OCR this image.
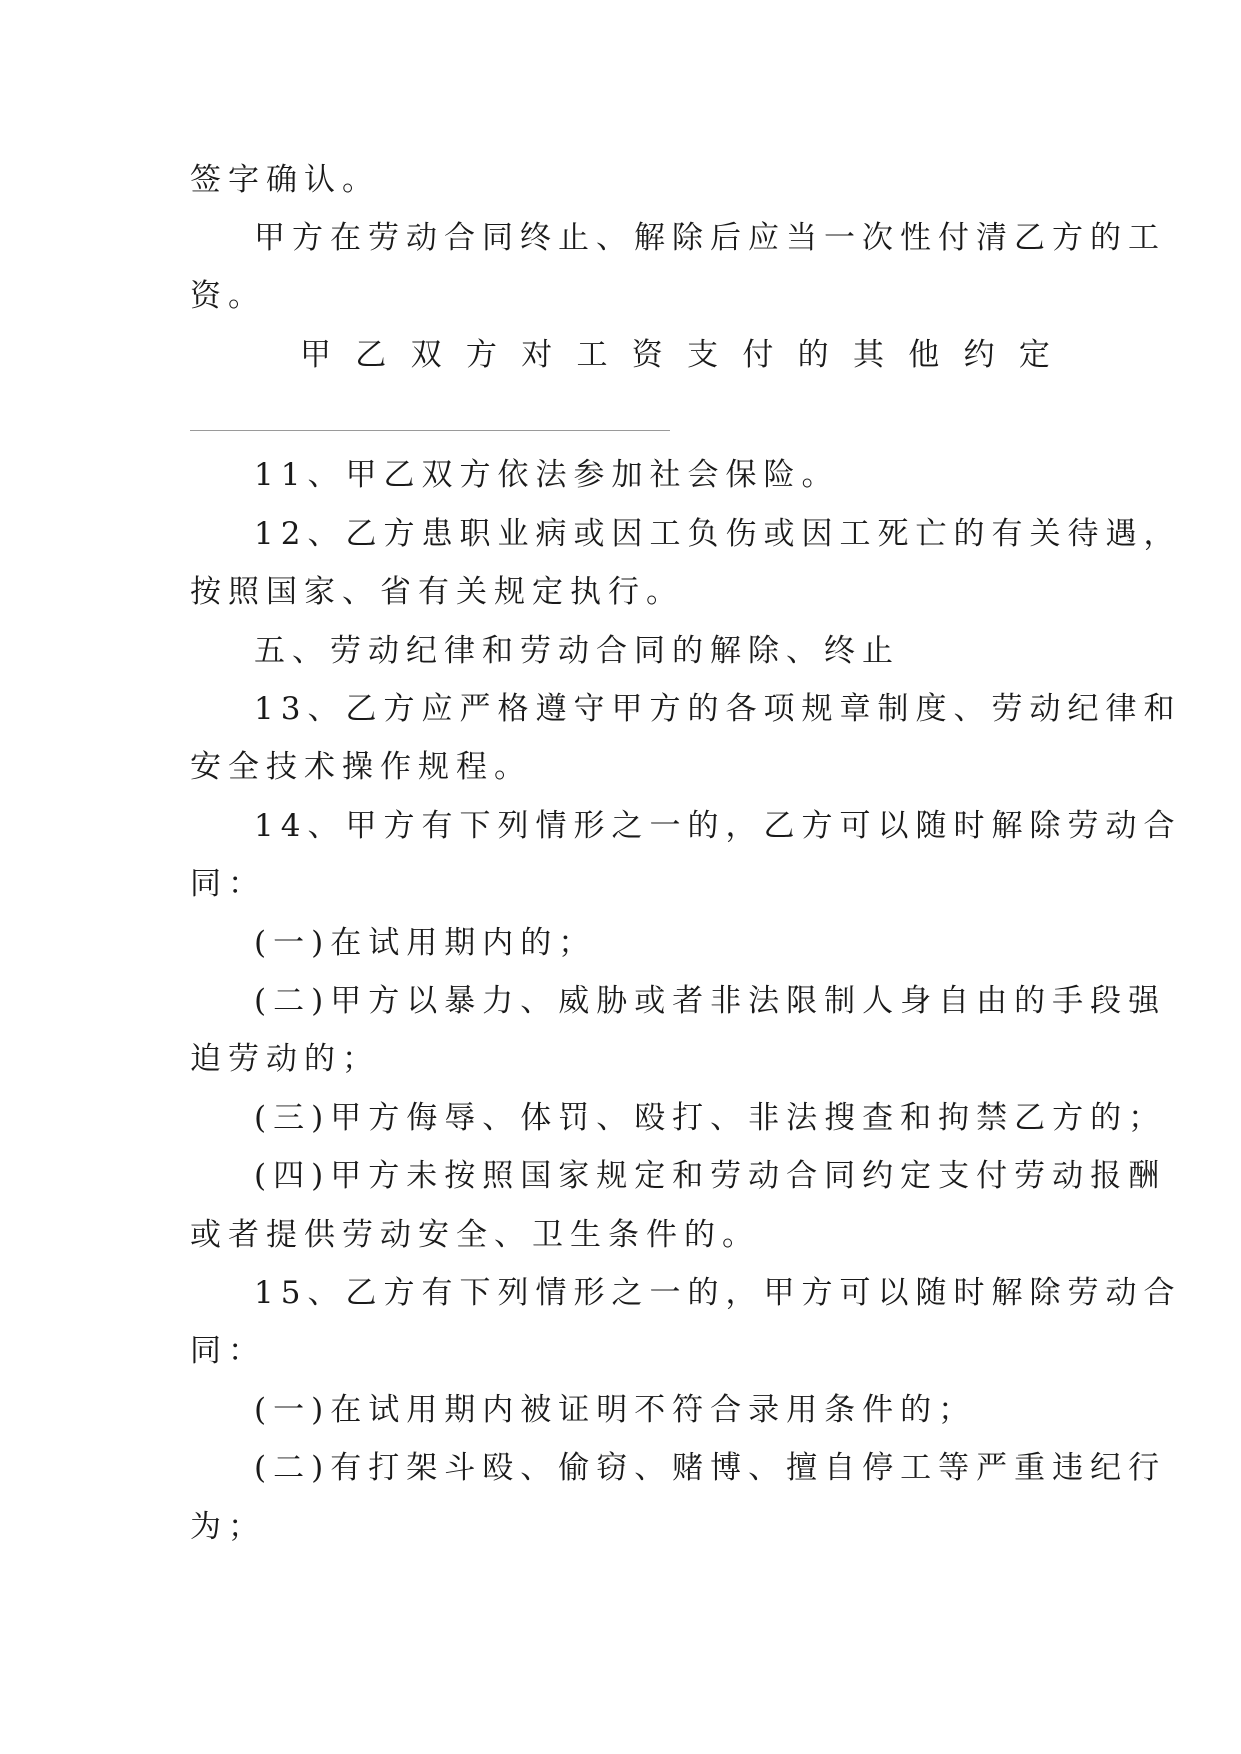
签字确认。
甲方在劳动合同终止、解除后应当一次性付清乙方的工
资。
甲 乙 双 方 对 工 资 支 付 的 其 他 约 定
11、甲乙双方依法参加社会保险。
12、乙方患职业病或因工负伤或因工死亡的有关待遇，
按照国家、省有关规定执行。
五、劳动纪律和劳动合同的解除、终止
13、乙方应严格遵守甲方的各项规章制度、劳动纪律和
安全技术操作规程。
14、甲方有下列情形之一的，乙方可以随时解除劳动合
同：
(一)在试用期内的；
(二)甲方以暴力、威胁或者非法限制人身自由的手段强
迫劳动的；
(三)甲方侮辱、体罚、殴打、非法搜查和拘禁乙方的；
(四)甲方未按照国家规定和劳动合同约定支付劳动报酬
或者提供劳动安全、卫生条件的。
15、乙方有下列情形之一的，甲方可以随时解除劳动合
同：
(一)在试用期内被证明不符合录用条件的；
(二)有打架斗殴、偷窃、赌博、擅自停工等严重违纪行
为；
